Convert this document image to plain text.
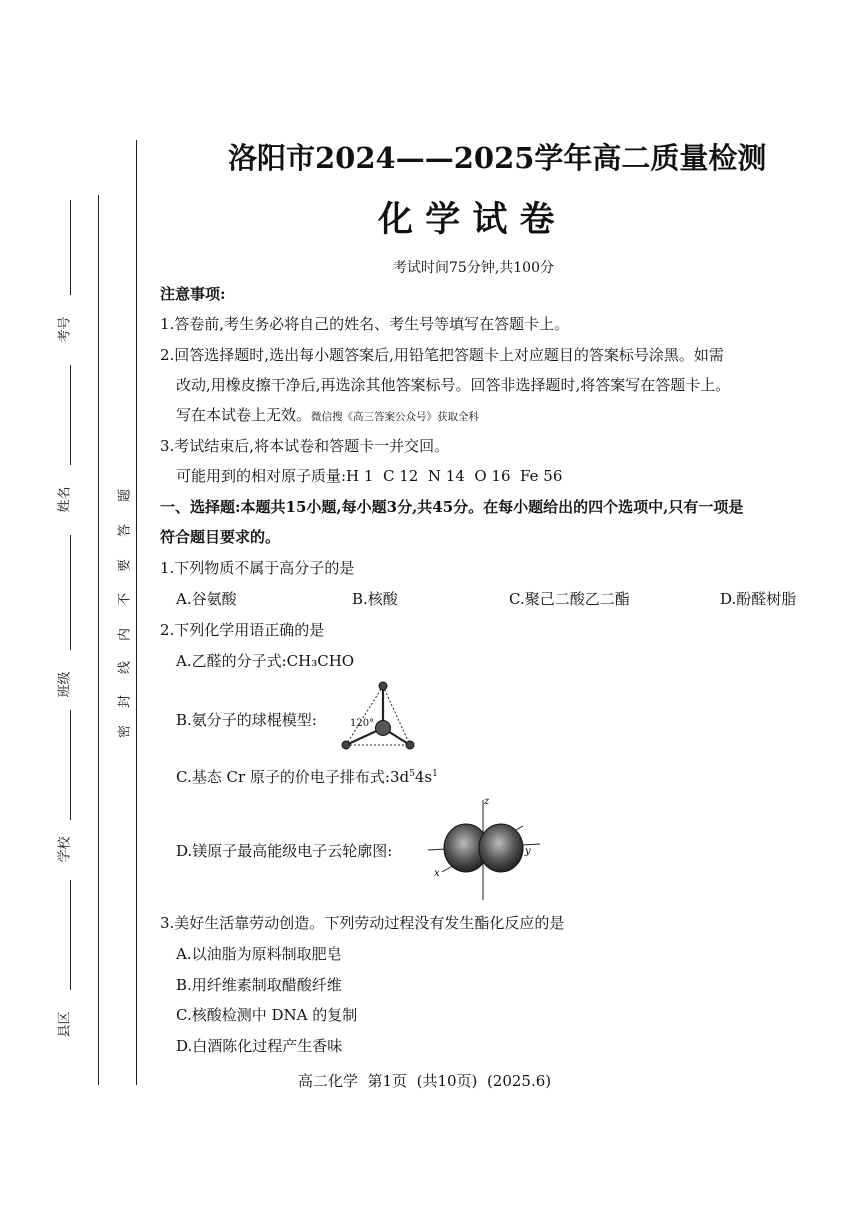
考号
姓名
班级
学校
县区
密
封
线
内
不
要
答
题
洛阳市2024——2025学年高二质量检测
化 学 试 卷
考试时间75分钟,共100分
注意事项:
1.答卷前,考生务必将自己的姓名、考生号等填写在答题卡上。
2.回答选择题时,选出每小题答案后,用铅笔把答题卡上对应题目的答案标号涂黑。如需
改动,用橡皮擦干净后,再选涂其他答案标号。回答非选择题时,将答案写在答题卡上。
写在本试卷上无效。微信搜《高三答案公众号》获取全科
3.考试结束后,将本试卷和答题卡一并交回。
可能用到的相对原子质量:H 1  C 12  N 14  O 16  Fe 56
一、选择题:本题共15小题,每小题3分,共45分。在每小题给出的四个选项中,只有一项是
符合题目要求的。
1.下列物质不属于高分子的是
A.谷氨酸	B.核酸	C.聚己二酸乙二酯	D.酚醛树脂
2.下列化学用语正确的是
A.乙醛的分子式:CH₃CHO
B.氨分子的球棍模型:	120°
C.基态 Cr 原子的价电子排布式$:3d^54s^1$
D.镁原子最高能级电子云轮廓图:
z
y
x
3.美好生活靠劳动创造。下列劳动过程没有发生酯化反应的是
A.以油脂为原料制取肥皂
B.用纤维素制取醋酸纤维
C.核酸检测中 DNA 的复制
D.白酒陈化过程产生香味
高二化学  第1页  (共10页)  (2025.6)
